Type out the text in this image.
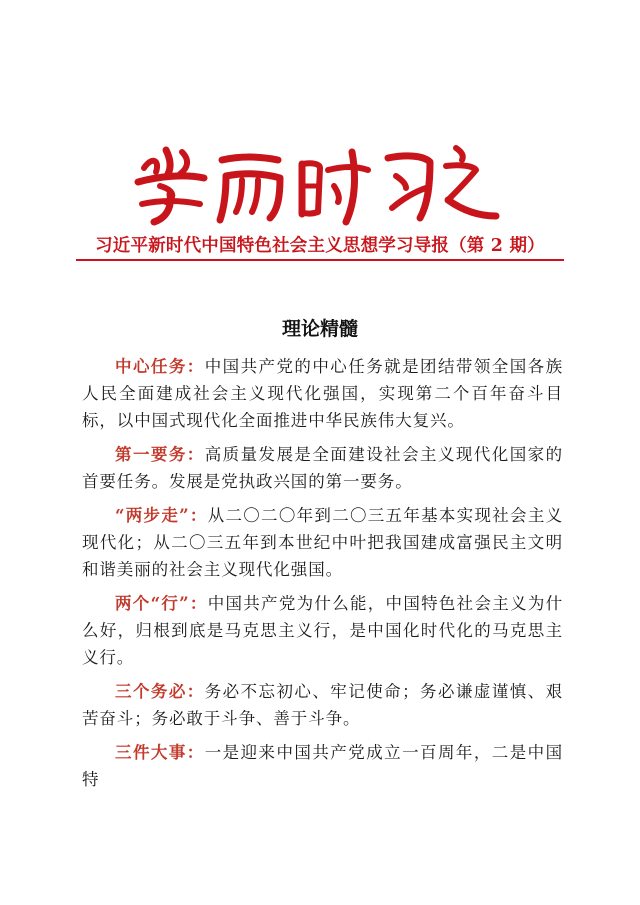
习近平新时代中国特色社会主义思想学习导报（第 2 期）
理论精髓

中心任务：中国共产党的中心任务就是团结带领全国各族人民全面建成社会主义现代化强国，实现第二个百年奋斗目标，以中国式现代化全面推进中华民族伟大复兴。

第一要务：高质量发展是全面建设社会主义现代化国家的首要任务。发展是党执政兴国的第一要务。

“两步走”：从二〇二〇年到二〇三五年基本实现社会主义现代化；从二〇三五年到本世纪中叶把我国建成富强民主文明和谐美丽的社会主义现代化强国。

两个“行”：中国共产党为什么能，中国特色社会主义为什么好，归根到底是马克思主义行，是中国化时代化的马克思主义行。

三个务必：务必不忘初心、牢记使命；务必谦虚谨慎、艰苦奋斗；务必敢于斗争、善于斗争。

三件大事：一是迎来中国共产党成立一百周年，二是中国特
